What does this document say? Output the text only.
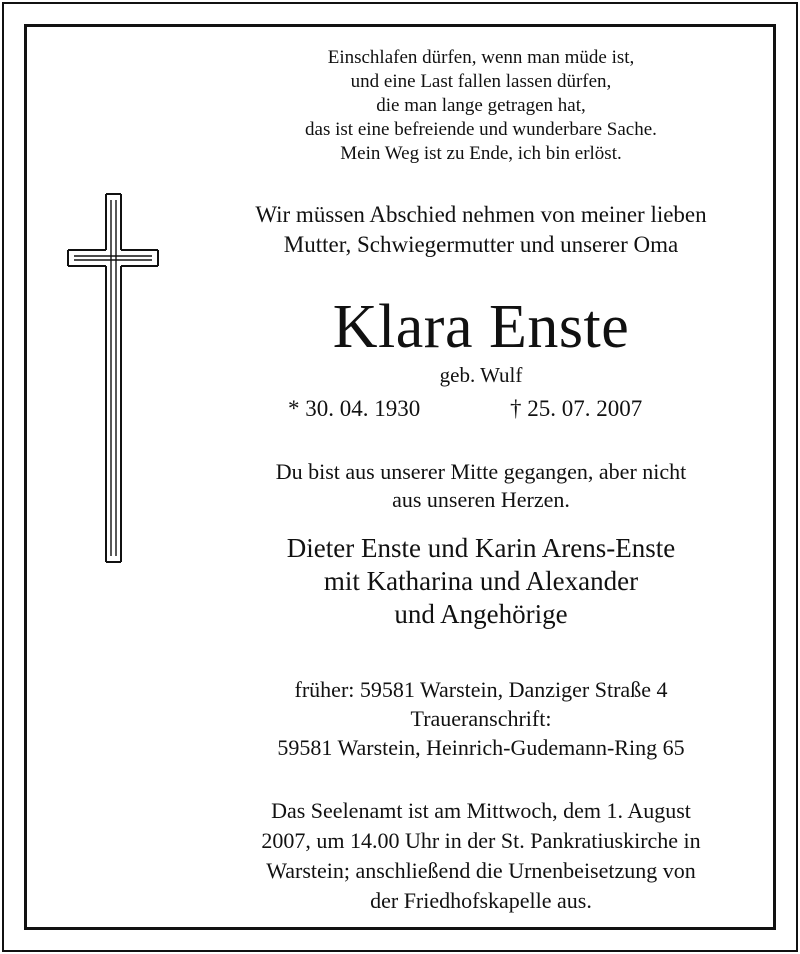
Einschlafen dürfen, wenn man müde ist,
und eine Last fallen lassen dürfen,
die man lange getragen hat,
das ist eine befreiende und wunderbare Sache.
Mein Weg ist zu Ende, ich bin erlöst.
Wir müssen Abschied nehmen von meiner lieben
Mutter, Schwiegermutter und unserer Oma
Klara Enste
geb. Wulf
* 30. 04. 1930	† 25. 07. 2007
Du bist aus unserer Mitte gegangen, aber nicht
aus unseren Herzen.
Dieter Enste und Karin Arens-Enste
mit Katharina und Alexander
und Angehörige
früher: 59581 Warstein, Danziger Straße 4
Traueranschrift:
59581 Warstein, Heinrich-Gudemann-Ring 65
Das Seelenamt ist am Mittwoch, dem 1. August
2007, um 14.00 Uhr in der St. Pankratiuskirche in
Warstein; anschließend die Urnenbeisetzung von
der Friedhofskapelle aus.
